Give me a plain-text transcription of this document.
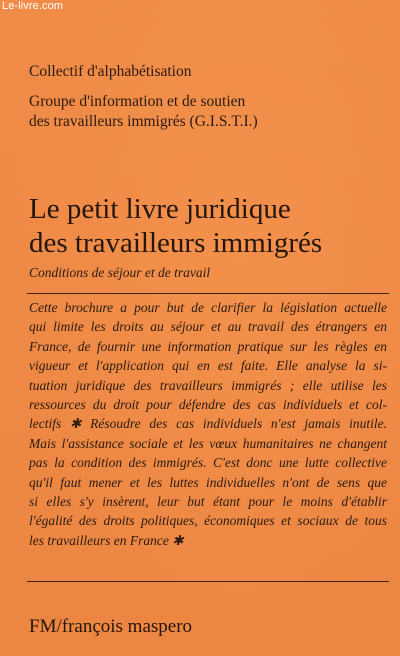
Le-livre.com
Collectif d'alphabétisation
Groupe d'information et de soutien
des travailleurs immigrés (G.I.S.T.I.)
Le petit livre juridique
des travailleurs immigrés
Conditions de séjour et de travail
Cette brochure a pour but de clarifier la législation actuelle
qui limite les droits au séjour et au travail des étrangers en
France, de fournir une information pratique sur les règles en
vigueur et l'application qui en est faite. Elle analyse la si-
tuation juridique des travailleurs immigrés ; elle utilise les
ressources du droit pour défendre des cas individuels et col-
lectifs ✱ Résoudre des cas individuels n'est jamais inutile.
Mais l'assistance sociale et les vœux humanitaires ne changent
pas la condition des immigrés. C'est donc une lutte collective
qu'il faut mener et les luttes individuelles n'ont de sens que
si elles s'y insèrent, leur but étant pour le moins d'établir
l'égalité des droits politiques, économiques et sociaux de tous
les travailleurs en France ✱
FM/françois maspero
